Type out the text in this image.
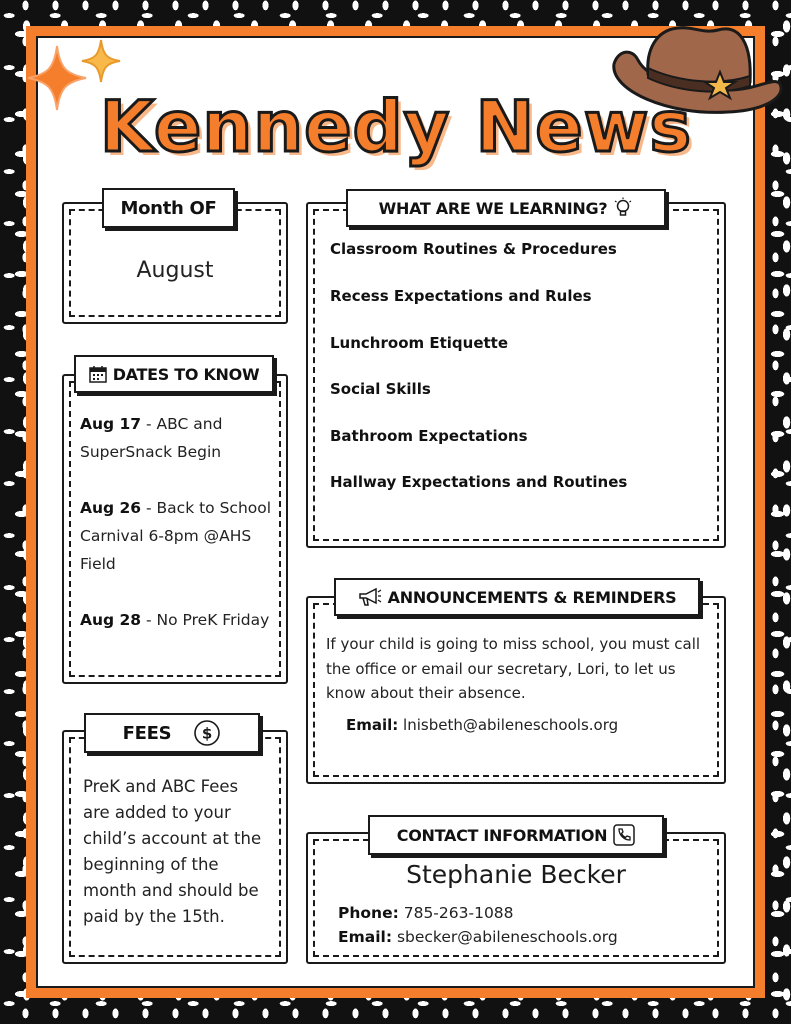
Kennedy News
Month OF
August
WHAT ARE WE LEARNING?
Classroom Routines & Procedures
Recess Expectations and Rules
Lunchroom Etiquette
Social Skills
Bathroom Expectations
Hallway Expectations and Routines
DATES TO KNOW

Aug 17 - ABC and SuperSnack Begin

Aug 26 - Back to School Carnival 6-8pm @AHS Field

Aug 28 - No PreK Friday

ANNOUNCEMENTS & REMINDERS
If your child is going to miss school, you must call the office or email our secretary, Lori, to let us know about their absence.
Email: lnisbeth@abileneschools.org
FEES $
PreK and ABC Fees are added to your child’s account at the beginning of the month and should be paid by the 15th.
CONTACT INFORMATION
Stephanie Becker
Phone: 785-263-1088
Email: sbecker@abileneschools.org
